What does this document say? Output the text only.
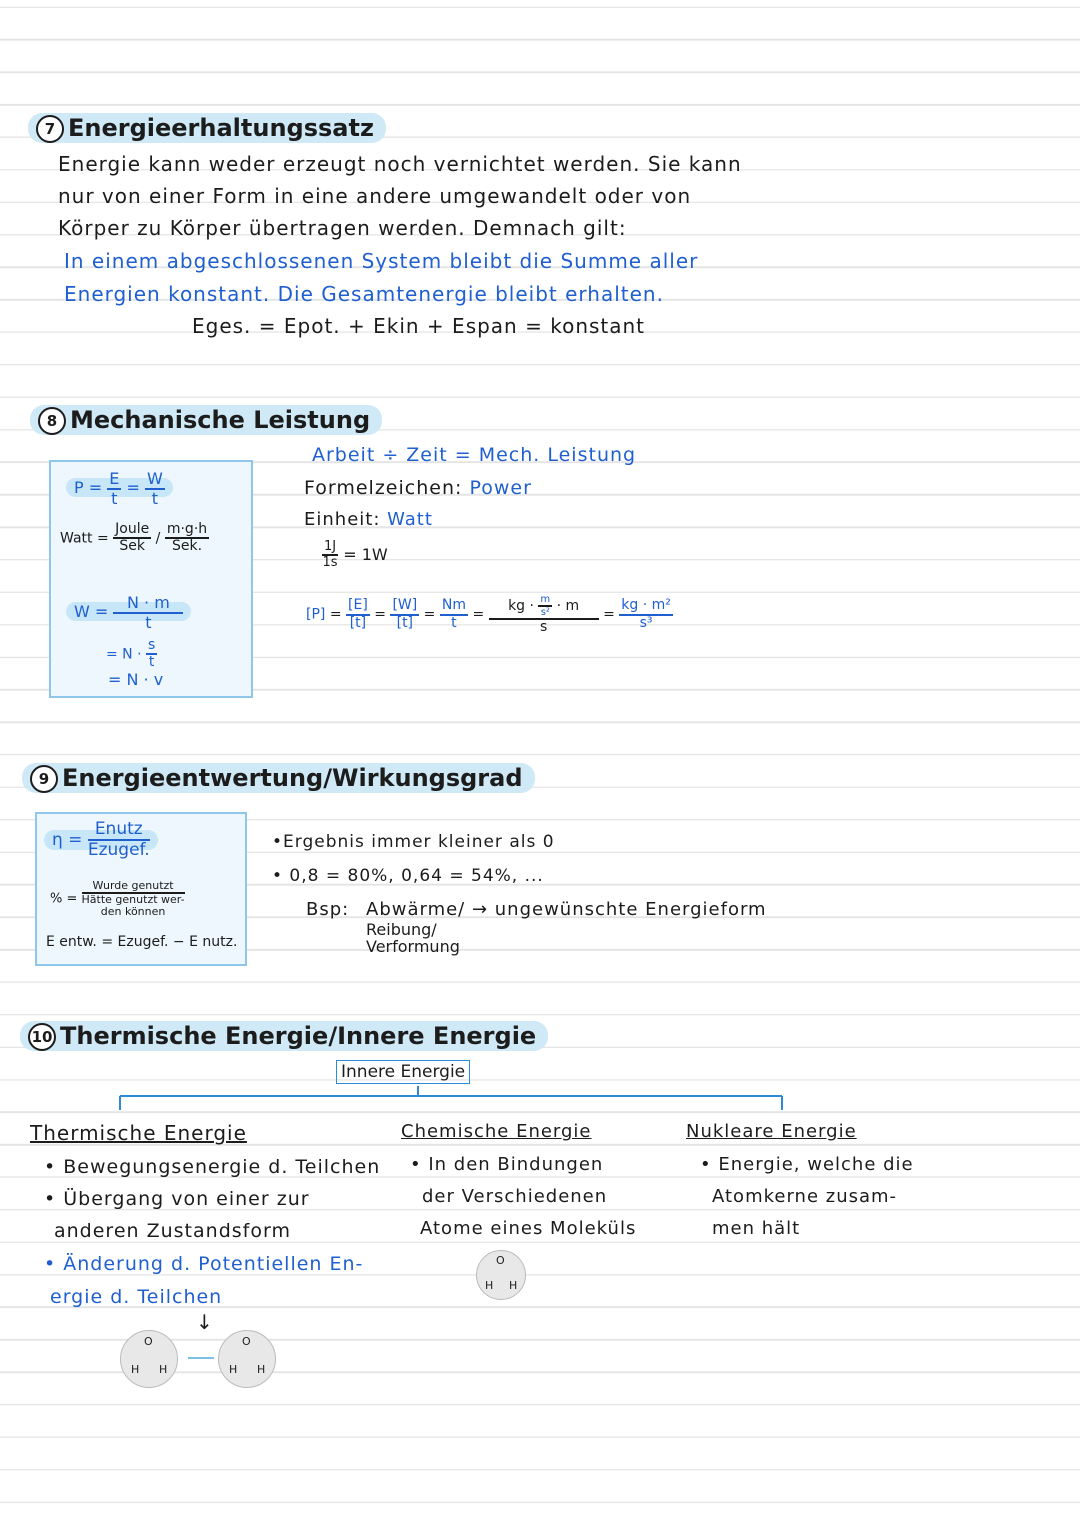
7 Energieerhaltungssatz
Energie kann weder erzeugt noch vernichtet werden. Sie kann
nur von einer Form in eine andere umgewandelt oder von
Körper zu Körper übertragen werden. Demnach gilt:
In einem abgeschlossenen System bleibt die Summe aller
Energien konstant. Die Gesamtenergie bleibt erhalten.
Eges. = Epot. + Ekin + Espan = konstant
8 Mechanische Leistung
$P = \frac{E}{t} = \frac{W}{t}$
Watt = $\frac{\text{Joule}}{\text{Sek}} / \frac{m\cdot g\cdot h}{\text{Sek.}}$
$W = \frac{N \cdot m}{t}$
= $N \cdot \frac{s}{t}$
= N · v
Arbeit ÷ Zeit = Mech. Leistung
Formelzeichen: Power
Einheit: Watt
$\frac{1J}{1s} = 1W$
$[P] = \frac{[E]}{[t]} = \frac{[W]}{[t]} = \frac{Nm}{t} = \frac{kg \cdot \frac{m}{\text{s²}} \cdot m}{s} = \frac{\text{kg · m²}}{\text{s³}}$
9 Energieentwertung/Wirkungsgrad
$\eta = \frac{\text{Enutz}}{\text{Ezugef.}}$
% =
Wurde genutzt
Hätte genutzt wer-
den können
E entw. = Ezugef. − E nutz.
•Ergebnis immer kleiner als 0
• 0,8 = 80%, 0,64 = 54%, ...
Bsp: Abwärme/ → ungewünschte Energieform
Reibung/
Verformung
10 Thermische Energie/Innere Energie
Innere Energie
Thermische Energie
• Bewegungsenergie d. Teilchen
• Übergang von einer zur
anderen Zustandsform
• Änderung d. Potentiellen En-
ergie d. Teilchen
Chemische Energie
• In den Bindungen
der Verschiedenen
Atome eines Moleküls
Nukleare Energie
• Energie, welche die
Atomkerne zusam-
men hält
O
H H
O
H H
↓
O
H H
